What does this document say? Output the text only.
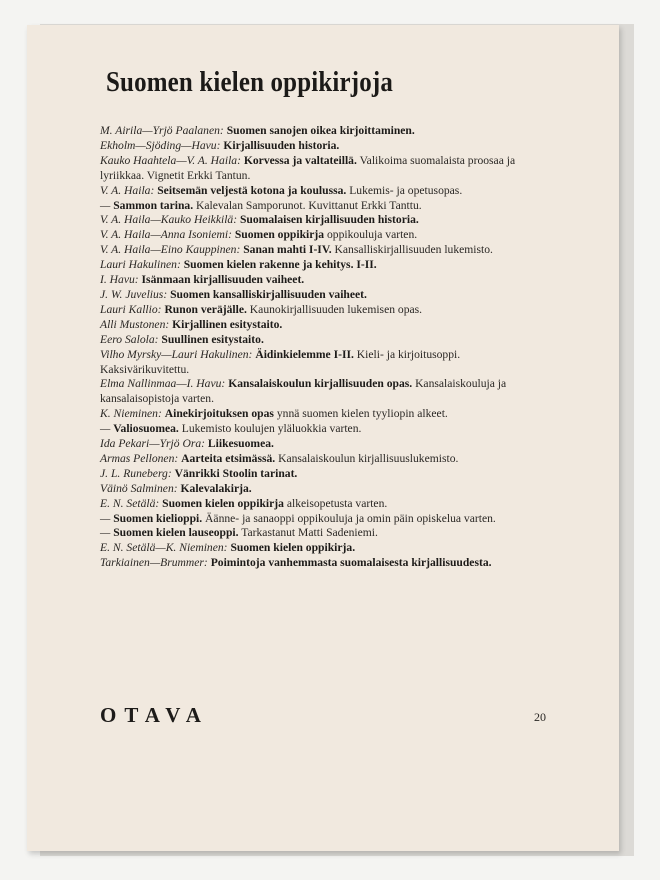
Suomen kielen oppikirjoja
M. Airila—Yrjö Paalanen: Suomen sanojen oikea kirjoittaminen.
Ekholm—Sjöding—Havu: Kirjallisuuden historia.
Kauko Haahtela—V. A. Haila: Korvessa ja valtateillä. Valikoima suomalaista proosaa ja lyriikkaa. Vignetit Erkki Tantun.
V. A. Haila: Seitsemän veljestä kotona ja koulussa. Lukemis- ja opetusopas.
— Sammon tarina. Kalevalan Samporunot. Kuvittanut Erkki Tanttu.
V. A. Haila—Kauko Heikkilä: Suomalaisen kirjallisuuden historia.
V. A. Haila—Anna Isoniemi: Suomen oppikirja oppikouluja varten.
V. A. Haila—Eino Kauppinen: Sanan mahti I-IV. Kansalliskirjallisuuden lukemisto.
Lauri Hakulinen: Suomen kielen rakenne ja kehitys. I-II.
I. Havu: Isänmaan kirjallisuuden vaiheet.
J. W. Juvelius: Suomen kansalliskirjallisuuden vaiheet.
Lauri Kallio: Runon veräjälle. Kaunokirjallisuuden lukemisen opas.
Alli Mustonen: Kirjallinen esitystaito.
Eero Salola: Suullinen esitystaito.
Vilho Myrsky—Lauri Hakulinen: Äidinkielemme I-II. Kieli- ja kirjoitusoppi. Kaksivärikuvitettu.
Elma Nallinmaa—I. Havu: Kansalaiskoulun kirjallisuuden opas. Kansalaiskouluja ja kansalaisopistoja varten.
K. Nieminen: Ainekirjoituksen opas ynnä suomen kielen tyyliopin alkeet.
— Valiosuomea. Lukemisto koulujen yläluokkia varten.
Ida Pekari—Yrjö Ora: Liikesuomea.
Armas Pellonen: Aarteita etsimässä. Kansalaiskoulun kirjallisuuslukemisto.
J. L. Runeberg: Vänrikki Stoolin tarinat.
Väinö Salminen: Kalevalakirja.
E. N. Setälä: Suomen kielen oppikirja alkeisopetusta varten.
— Suomen kielioppi. Äänne- ja sanaoppi oppikouluja ja omin päin opiskelua varten.
— Suomen kielen lauseoppi. Tarkastanut Matti Sadeniemi.
E. N. Setälä—K. Nieminen: Suomen kielen oppikirja.
Tarkiainen—Brummer: Poimintoja vanhemmasta suomalaisesta kirjallisuudesta.
OTAVA	20
